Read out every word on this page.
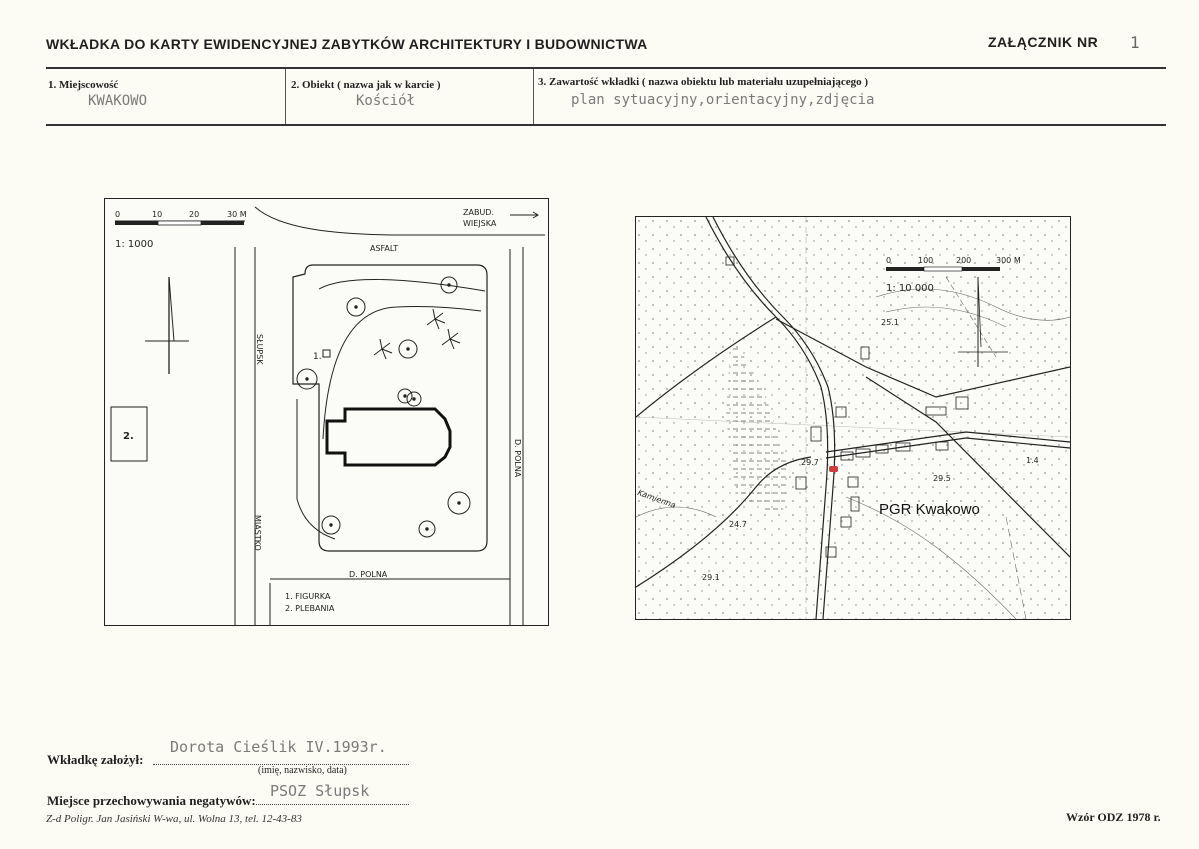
WKŁADKA DO KARTY EWIDENCYJNEJ ZABYTKÓW ARCHITEKTURY I BUDOWNICTWA	ZAŁĄCZNIK NR 1
1. Miejscowość
KWAKOWO
2. Obiekt ( nazwa jak w karcie )
Kościół
3. Zawartość wkładki ( nazwa obiektu lub materiału uzupełniającego )
plan sytuacyjny,orientacyjny,zdjęcia
0	10	20	30 M
1: 1000
2.
ZABUD.
WIEJSKA
ASFALT
SŁUPSK
MIASTKO
D. POLNA
D. POLNA
1.
1. FIGURKA
2. PLEBANIA
0	100	200	300 M
1: 10 000
PGR Kwakowo
Kamienna
25.1
29.7
29.5
24.7
29.1
1.4
Wkładkę założył:
Dorota Cieślik IV.1993r.
(imię, nazwisko, data)
Miejsce przechowywania negatywów:
PSOZ Słupsk
Z-d Poligr. Jan Jasiński W-wa, ul. Wolna 13, tel. 12-43-83	Wzór ODZ 1978 r.
